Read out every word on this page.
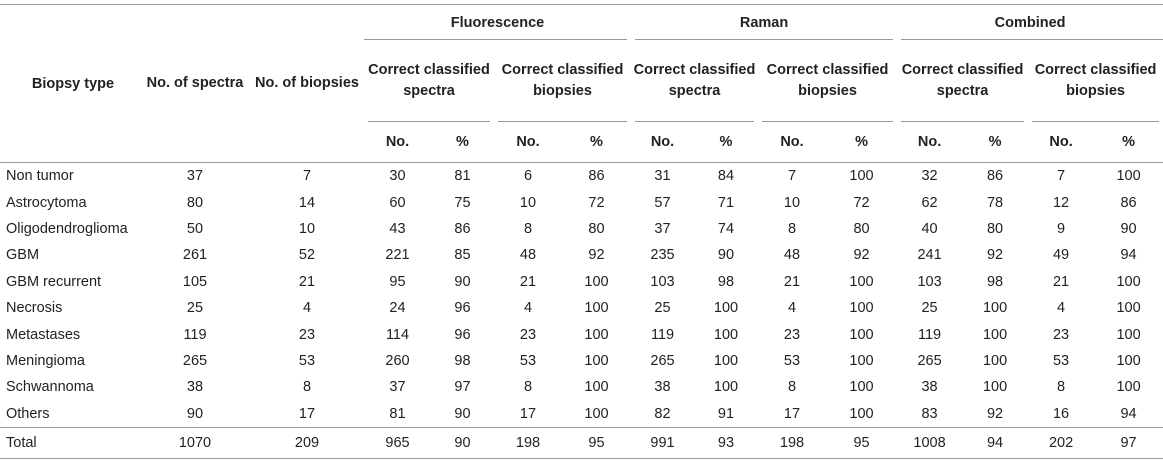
Biopsy type	No. of spectra	No. of biopsies	Fluorescence				Raman				Combined			
			Correct classified spectra		Correct classified biopsies		Correct classified spectra		Correct classified biopsies		Correct classified spectra		Correct classified biopsies	
			No.	%	No.	%	No.	%	No.	%	No.	%	No.	%

Non tumor	37	7	30	81	6	86	31	84	7	100	32	86	7	100
Astrocytoma	80	14	60	75	10	72	57	71	10	72	62	78	12	86
Oligodendroglioma	50	10	43	86	8	80	37	74	8	80	40	80	9	90
GBM	261	52	221	85	48	92	235	90	48	92	241	92	49	94
GBM recurrent	105	21	95	90	21	100	103	98	21	100	103	98	21	100
Necrosis	25	4	24	96	4	100	25	100	4	100	25	100	4	100
Metastases	119	23	114	96	23	100	119	100	23	100	119	100	23	100
Meningioma	265	53	260	98	53	100	265	100	53	100	265	100	53	100
Schwannoma	38	8	37	97	8	100	38	100	8	100	38	100	8	100
Others	90	17	81	90	17	100	82	91	17	100	83	92	16	94
Total	1070	209	965	90	198	95	991	93	198	95	1008	94	202	97
